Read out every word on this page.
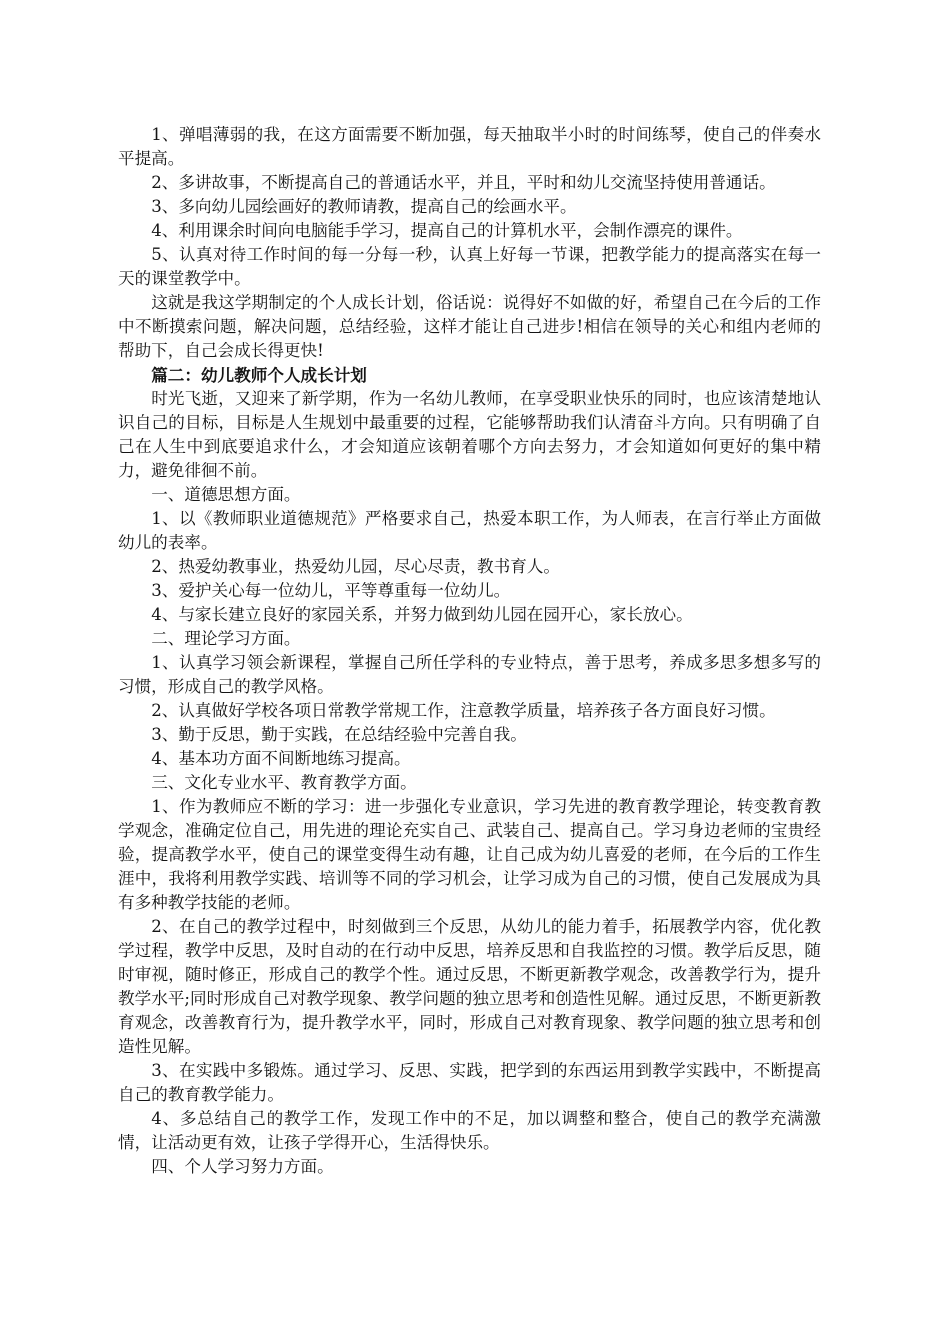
1、弹唱薄弱的我，在这方面需要不断加强，每天抽取半小时的时间练琴，使自己的伴奏水平提高。

2、多讲故事，不断提高自己的普通话水平，并且，平时和幼儿交流坚持使用普通话。

3、多向幼儿园绘画好的教师请教，提高自己的绘画水平。

4、利用课余时间向电脑能手学习，提高自己的计算机水平，会制作漂亮的课件。

5、认真对待工作时间的每一分每一秒，认真上好每一节课，把教学能力的提高落实在每一天的课堂教学中。

这就是我这学期制定的个人成长计划，俗话说：说得好不如做的好，希望自己在今后的工作中不断摸索问题，解决问题，总结经验，这样才能让自己进步!相信在领导的关心和组内老师的帮助下，自己会成长得更快!

篇二：幼儿教师个人成长计划

时光飞逝，又迎来了新学期，作为一名幼儿教师，在享受职业快乐的同时，也应该清楚地认识自己的目标，目标是人生规划中最重要的过程，它能够帮助我们认清奋斗方向。只有明确了自己在人生中到底要追求什么，才会知道应该朝着哪个方向去努力，才会知道如何更好的集中精力，避免徘徊不前。

一、道德思想方面。

1、以《教师职业道德规范》严格要求自己，热爱本职工作，为人师表，在言行举止方面做幼儿的表率。

2、热爱幼教事业，热爱幼儿园，尽心尽责，教书育人。

3、爱护关心每一位幼儿，平等尊重每一位幼儿。

4、与家长建立良好的家园关系，并努力做到幼儿园在园开心，家长放心。

二、理论学习方面。

1、认真学习领会新课程，掌握自己所任学科的专业特点，善于思考，养成多思多想多写的习惯，形成自己的教学风格。

2、认真做好学校各项日常教学常规工作，注意教学质量，培养孩子各方面良好习惯。

3、勤于反思，勤于实践，在总结经验中完善自我。

4、基本功方面不间断地练习提高。

三、文化专业水平、教育教学方面。

1、作为教师应不断的学习：进一步强化专业意识，学习先进的教育教学理论，转变教育教学观念，准确定位自己，用先进的理论充实自己、武装自己、提高自己。学习身边老师的宝贵经验，提高教学水平，使自己的课堂变得生动有趣，让自己成为幼儿喜爱的老师，在今后的工作生涯中，我将利用教学实践、培训等不同的学习机会，让学习成为自己的习惯，使自己发展成为具有多种教学技能的老师。

2、在自己的教学过程中，时刻做到三个反思，从幼儿的能力着手，拓展教学内容，优化教学过程，教学中反思，及时自动的在行动中反思，培养反思和自我监控的习惯。教学后反思，随时审视，随时修正，形成自己的教学个性。通过反思，不断更新教学观念，改善教学行为，提升教学水平;同时形成自己对教学现象、教学问题的独立思考和创造性见解。通过反思，不断更新教育观念，改善教育行为，提升教学水平，同时，形成自己对教育现象、教学问题的独立思考和创造性见解。

3、在实践中多锻炼。通过学习、反思、实践，把学到的东西运用到教学实践中，不断提高自己的教育教学能力。

4、多总结自己的教学工作，发现工作中的不足，加以调整和整合，使自己的教学充满激情，让活动更有效，让孩子学得开心，生活得快乐。

四、个人学习努力方面。
